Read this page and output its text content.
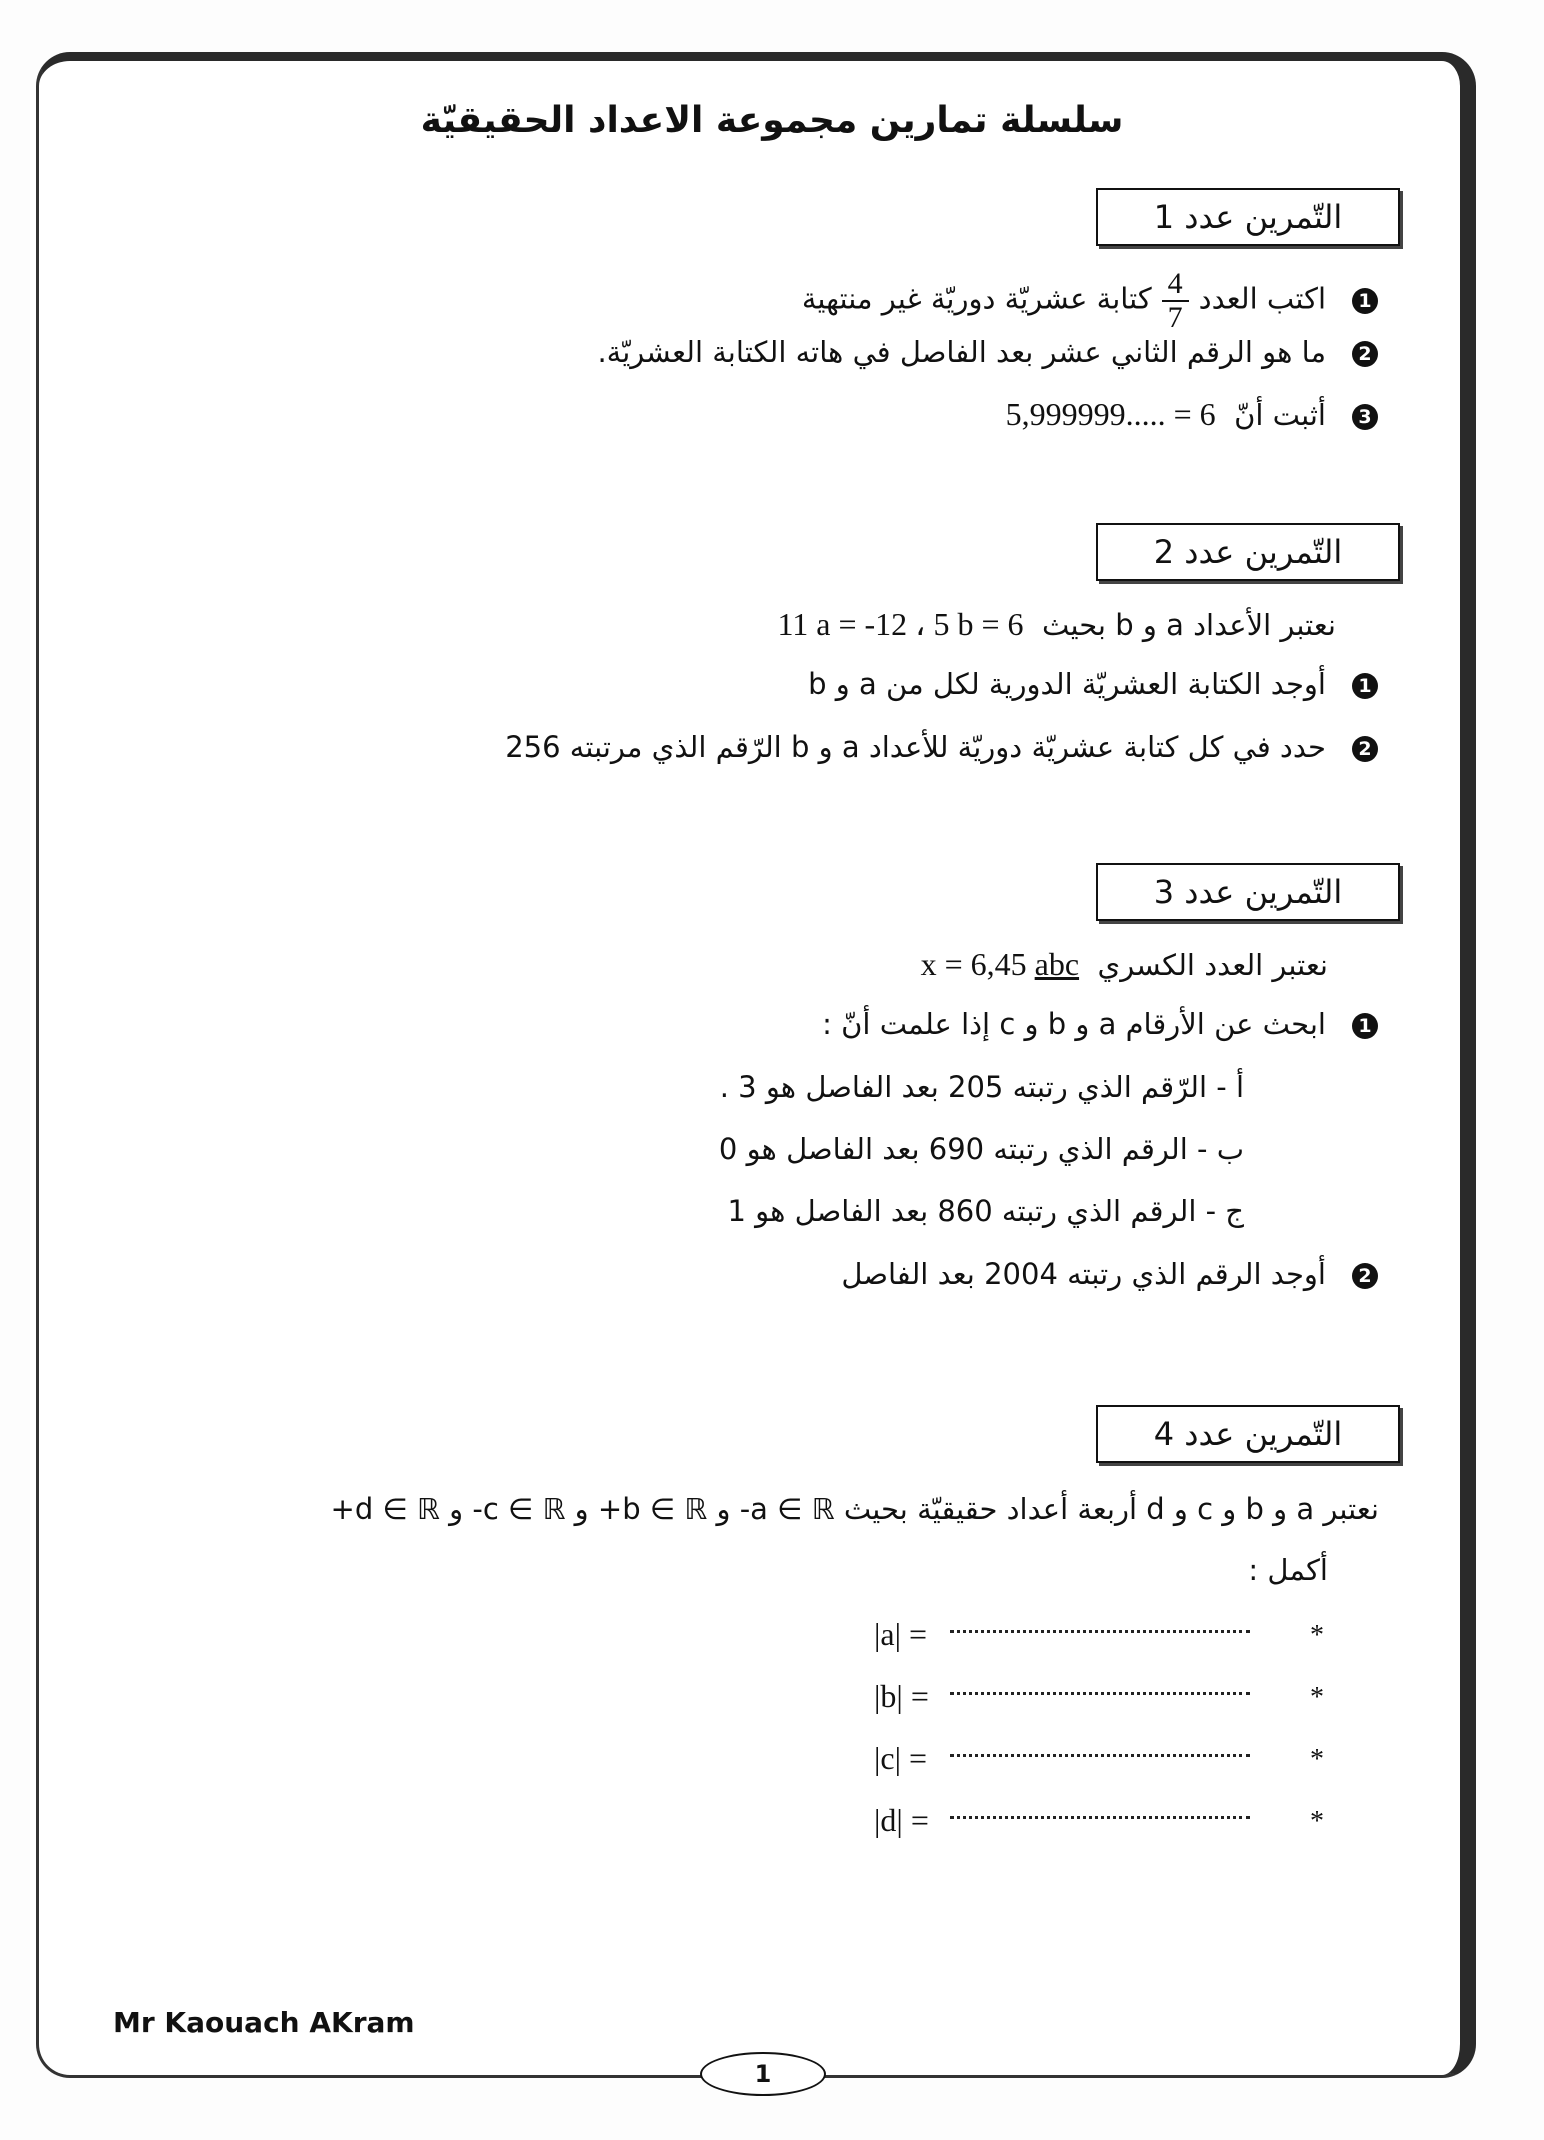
سلسلة تمارين مجموعة الاعداد الحقيقيّة
التّمرين عدد 1
1اكتب العدد
$\frac{4}{7}$
كتابة عشريّة دوريّة غير منتهية
2ما هو الرقم الثاني عشر بعد الفاصل في هاته الكتابة العشريّة.
3أثبت أنّ  5,999999..... = 6
التّمرين عدد 2
نعتبر الأعداد a و b بحيث  11 a = -12 ، 5 b = 6
1أوجد الكتابة العشريّة الدورية لكل من a و b
2حدد في كل كتابة عشريّة دوريّة للأعداد a و b الرّقم الذي مرتبته 256
التّمرين عدد 3
نعتبر العدد الكسري  x = 6,45 abc
1ابحث عن الأرقام a و b و c إذا علمت أنّ :
أ - الرّقم الذي رتبته 205 بعد الفاصل هو 3 .
ب - الرقم الذي رتبته 690 بعد الفاصل هو 0
ج - الرقم الذي رتبته 860 بعد الفاصل هو 1
2أوجد الرقم الذي رتبته 2004 بعد الفاصل
التّمرين عدد 4
نعتبر a و b و c و d أربعة أعداد حقيقيّة بحيث a ∈ ℝ- و b ∈ ℝ+ و c ∈ ℝ- و d ∈ ℝ+
أكمل :
|a| =	*
|b| =	*
|c| =	*
|d| =	*
Mr Kaouach AKram
1
